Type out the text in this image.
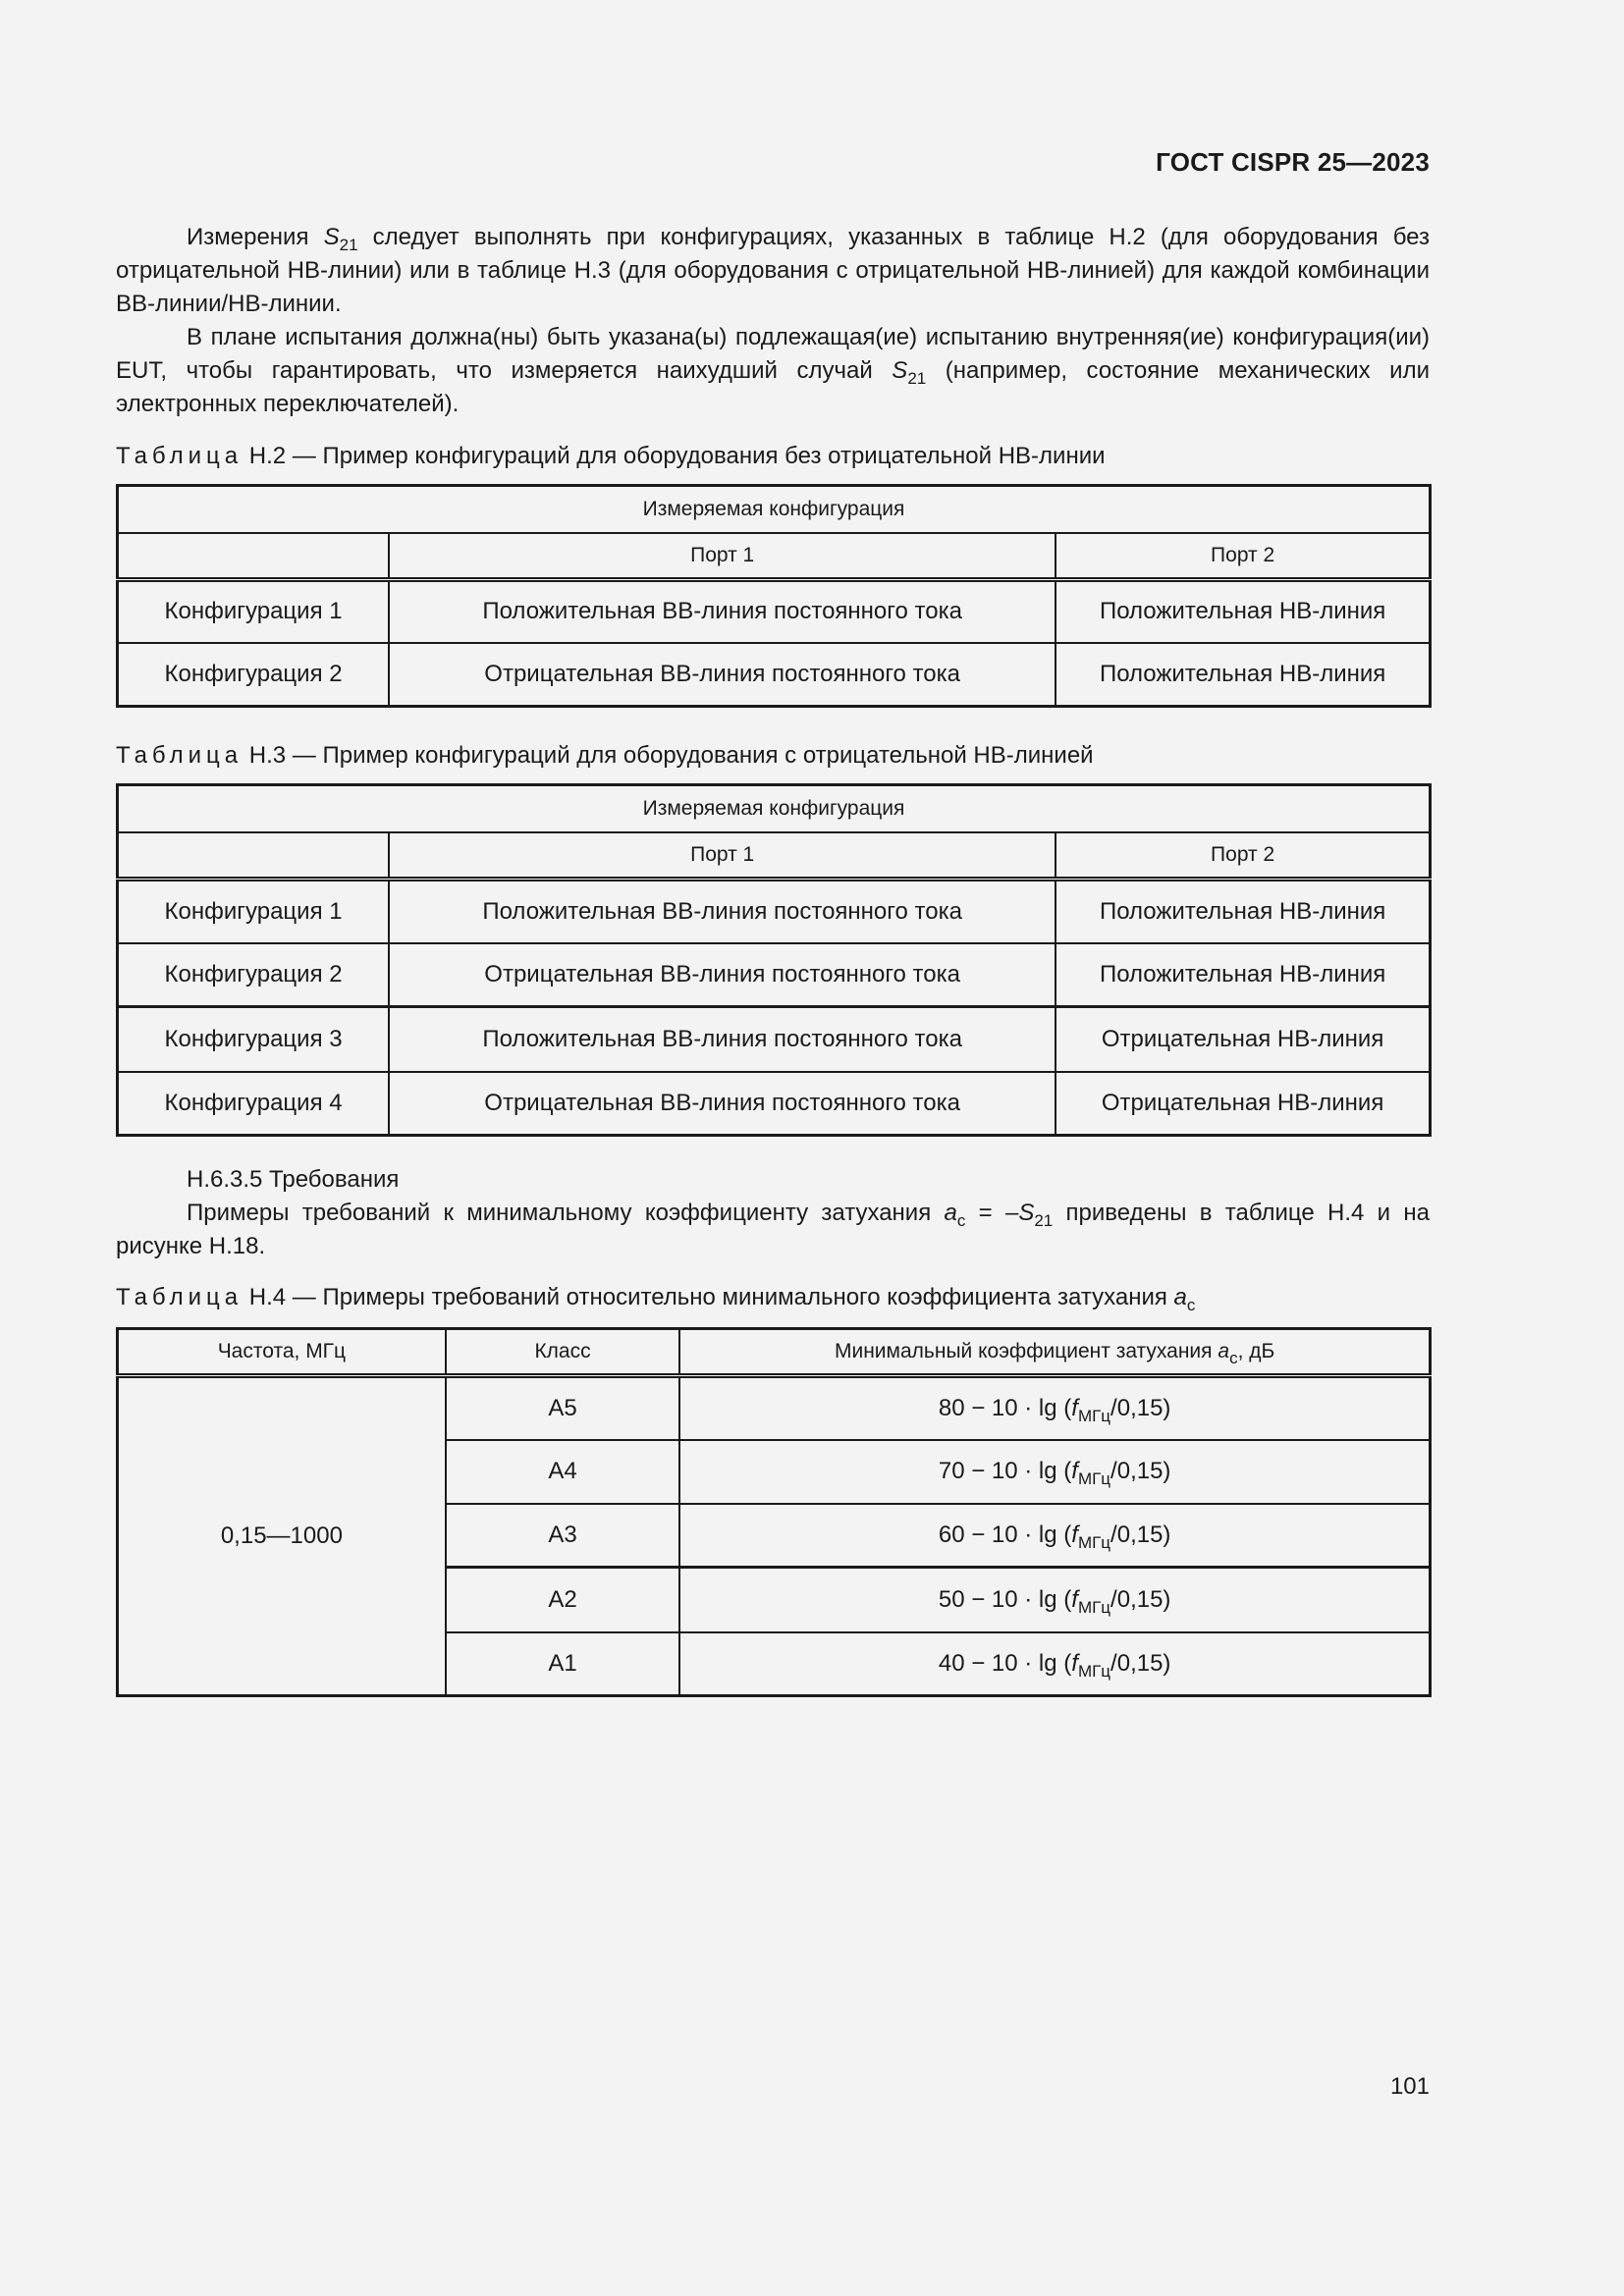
ГОСТ CISPR 25—2023

Измерения $S_{21}$ следует выполнять при конфигурациях, указанных в таблице Н.2 (для оборудования без отрицательной НВ-линии) или в таблице Н.3 (для оборудования с отрицательной НВ-линией) для каждой комбинации ВВ-линии/НВ-линии.

В плане испытания должна(ны) быть указана(ы) подлежащая(ие) испытанию внутренняя(ие) конфигурация(ии) EUT, чтобы гарантировать, что измеряется наихудший случай $S_{21}$ (например, состояние механических или электронных переключателей).

Таблица Н.2 — Пример конфигураций для оборудования без отрицательной НВ-линии
Измеряемая конфигурация		
	Порт 1	Порт 2
Конфигурация 1	Положительная ВВ-линия постоянного тока	Положительная НВ-линия
Конфигурация 2	Отрицательная ВВ-линия постоянного тока	Положительная НВ-линия
Таблица Н.3 — Пример конфигураций для оборудования с отрицательной НВ-линией
Измеряемая конфигурация		
	Порт 1	Порт 2
Конфигурация 1	Положительная ВВ-линия постоянного тока	Положительная НВ-линия
Конфигурация 2	Отрицательная ВВ-линия постоянного тока	Положительная НВ-линия
Конфигурация 3	Положительная ВВ-линия постоянного тока	Отрицательная НВ-линия
Конфигурация 4	Отрицательная ВВ-линия постоянного тока	Отрицательная НВ-линия
Н.6.3.5 Требования

Примеры требований к минимальному коэффициенту затухания $a_c = -S_{21}$ приведены в таблице Н.4 и на рисунке Н.18.

Таблица Н.4 — Примеры требований относительно минимального коэффициента затухания $a_c$
Частота, МГц	Класс	Минимальный коэффициент затухания $a_c$, дБ
0,15—1000	A5	$80 - 10 \cdot \lg (f_{МГц}/0,15)$
	A4	$70 - 10 \cdot \lg (f_{МГц}/0,15)$
	A3	$60 - 10 \cdot \lg (f_{МГц}/0,15)$
	A2	$50 - 10 \cdot \lg (f_{МГц}/0,15)$
	A1	$40 - 10 \cdot \lg (f_{МГц}/0,15)$
101
